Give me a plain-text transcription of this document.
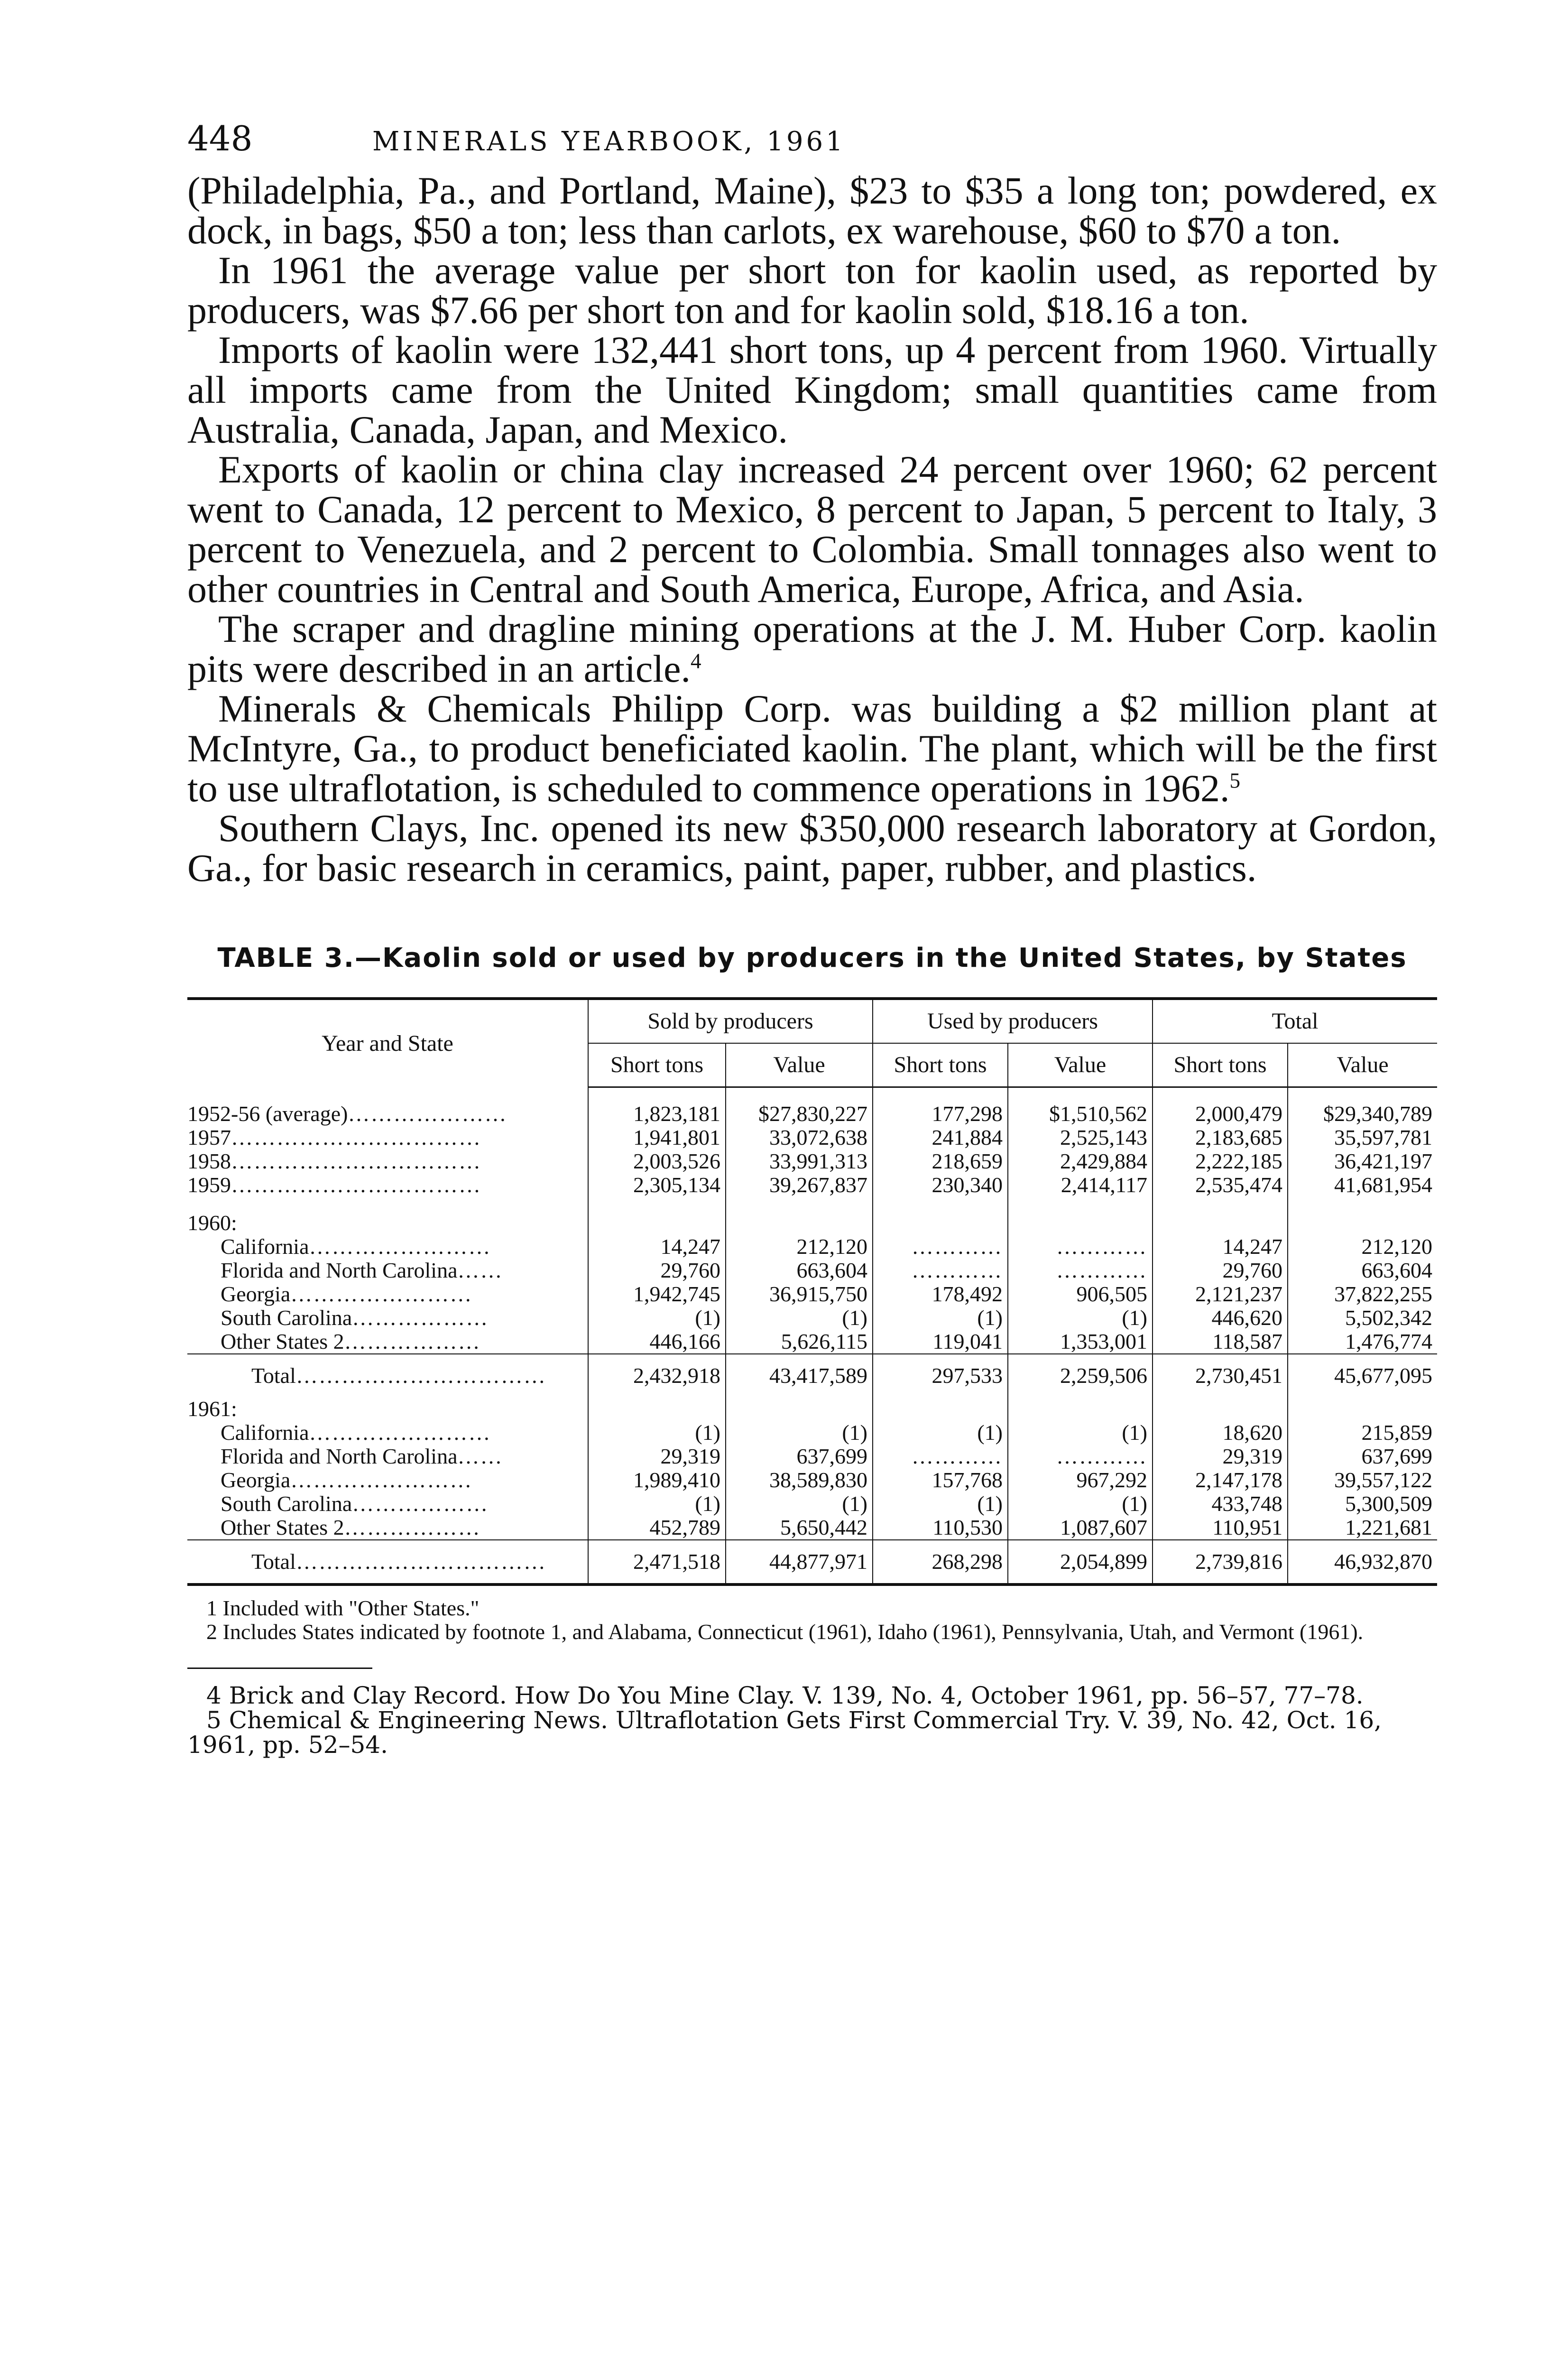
448	MINERALS YEARBOOK, 1961

(Philadelphia, Pa., and Portland, Maine), $23 to $35 a long ton; powdered, ex dock, in bags, $50 a ton; less than carlots, ex warehouse, $60 to $70 a ton.

In 1961 the average value per short ton for kaolin used, as reported by producers, was $7.66 per short ton and for kaolin sold, $18.16 a ton.

Imports of kaolin were 132,441 short tons, up 4 percent from 1960. Virtually all imports came from the United Kingdom; small quantities came from Australia, Canada, Japan, and Mexico.

Exports of kaolin or china clay increased 24 percent over 1960; 62 percent went to Canada, 12 percent to Mexico, 8 percent to Japan, 5 percent to Italy, 3 percent to Venezuela, and 2 percent to Colombia. Small tonnages also went to other countries in Central and South America, Europe, Africa, and Asia.

The scraper and dragline mining operations at the J. M. Huber Corp. kaolin pits were described in an article.$^4$

Minerals & Chemicals Philipp Corp. was building a $2 million plant at McIntyre, Ga., to product beneficiated kaolin. The plant, which will be the first to use ultraflotation, is scheduled to commence operations in 1962.$^5$

Southern Clays, Inc. opened its new $350,000 research laboratory at Gordon, Ga., for basic research in ceramics, paint, paper, rubber, and plastics.

TABLE 3.—Kaolin sold or used by producers in the United States, by States
Year and State	Sold by producers		Used by producers		Total	
	Short tons	Value	Short tons	Value	Short tons	Value

1952-56 (average)…………………	1,823,181	$27,830,227	177,298	$1,510,562	2,000,479	$29,340,789
1957……………………………	1,941,801	33,072,638	241,884	2,525,143	2,183,685	35,597,781
1958……………………………	2,003,526	33,991,313	218,659	2,429,884	2,222,185	36,421,197
1959……………………………	2,305,134	39,267,837	230,340	2,414,117	2,535,474	41,681,954

1960:						
California……………………	14,247	212,120	…………	…………	14,247	212,120
Florida and North Carolina……	29,760	663,604	…………	…………	29,760	663,604
Georgia……………………	1,942,745	36,915,750	178,492	906,505	2,121,237	37,822,255
South Carolina………………	(1)	(1)	(1)	(1)	446,620	5,502,342
Other States 2………………	446,166	5,626,115	119,041	1,353,001	118,587	1,476,774
Total……………………………	2,432,918	43,417,589	297,533	2,259,506	2,730,451	45,677,095
1961:						
California……………………	(1)	(1)	(1)	(1)	18,620	215,859
Florida and North Carolina……	29,319	637,699	…………	…………	29,319	637,699
Georgia……………………	1,989,410	38,589,830	157,768	967,292	2,147,178	39,557,122
South Carolina………………	(1)	(1)	(1)	(1)	433,748	5,300,509
Other States 2………………	452,789	5,650,442	110,530	1,087,607	110,951	1,221,681
Total……………………………	2,471,518	44,877,971	268,298	2,054,899	2,739,816	46,932,870

1 Included with "Other States."

2 Includes States indicated by footnote 1, and Alabama, Connecticut (1961), Idaho (1961), Pennsylvania, Utah, and Vermont (1961).

4 Brick and Clay Record. How Do You Mine Clay. V. 139, No. 4, October 1961, pp. 56–57, 77–78.

5 Chemical & Engineering News. Ultraflotation Gets First Commercial Try. V. 39, No. 42, Oct. 16, 1961, pp. 52–54.
